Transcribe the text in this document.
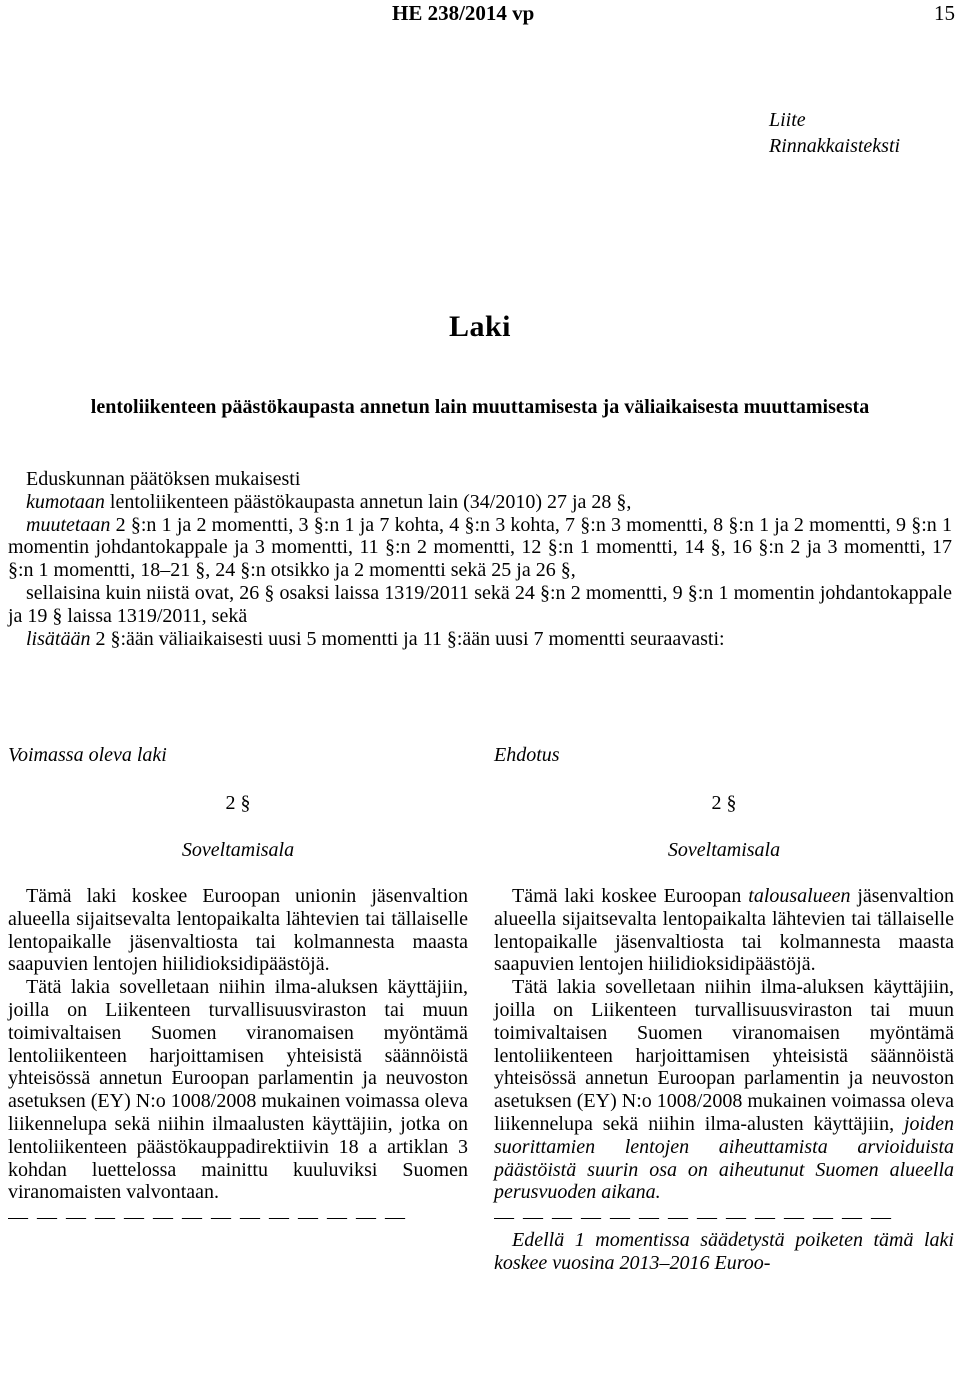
HE 238/2014 vp	15
Liite
Rinnakkaisteksti
Laki
lentoliikenteen päästökaupasta annetun lain muuttamisesta ja väliaikaisesta muuttamisesta

Eduskunnan päätöksen mukaisesti

kumotaan lentoliikenteen päästökaupasta annetun lain (34/2010) 27 ja 28 §,

muutetaan 2 §:n 1 ja 2 momentti, 3 §:n 1 ja 7 kohta, 4 §:n 3 kohta, 7 §:n 3 momentti, 8 §:n 1 ja 2 momentti, 9 §:n 1 momentin johdantokappale ja 3 momentti, 11 §:n 2 momentti, 12 §:n 1 momentti, 14 §, 16 §:n 2 ja 3 momentti, 17 §:n 1 momentti, 18–21 §, 24 §:n otsikko ja 2 momentti sekä 25 ja 26 §,

sellaisina kuin niistä ovat, 26 § osaksi laissa 1319/2011 sekä 24 §:n 2 momentti, 9 §:n 1 momentin johdantokappale ja 19 § laissa 1319/2011, sekä

lisätään 2 §:ään väliaikaisesti uusi 5 momentti ja 11 §:ään uusi 7 momentti seuraavasti:

Voimassa oleva laki
2 §
Soveltamisala

Tämä laki koskee Euroopan unionin jäsenvaltion alueella sijaitsevalta lentopaikalta lähtevien tai tällaiselle lentopaikalle jäsenvaltiosta tai kolmannesta maasta saapuvien lentojen hiilidioksidipäästöjä.

Tätä lakia sovelletaan niihin ilma-aluksen käyttäjiin, joilla on Liikenteen turvallisuusviraston tai muun toimivaltaisen Suomen viranomaisen myöntämä lentoliikenteen harjoittamisen yhteisistä säännöistä yhteisössä annetun Euroopan parlamentin ja neuvoston asetuksen (EY) N:o 1008/2008 mukainen voimassa oleva liikennelupa sekä niihin ilmaalusten käyttäjiin, jotka on lentoliikenteen päästökauppadirektiivin 18 a artiklan 3 kohdan luettelossa mainittu kuuluviksi Suomen viranomaisten valvontaan.

— — — — — — — — — — — — — —
Ehdotus
2 §
Soveltamisala

Tämä laki koskee Euroopan talousalueen jäsenvaltion alueella sijaitsevalta lentopaikalta lähtevien tai tällaiselle lentopaikalle jäsenvaltiosta tai kolmannesta maasta saapuvien lentojen hiilidioksidipäästöjä.

Tätä lakia sovelletaan niihin ilma-aluksen käyttäjiin, joilla on Liikenteen turvallisuusviraston tai muun toimivaltaisen Suomen viranomaisen myöntämä lentoliikenteen harjoittamisen yhteisistä säännöistä yhteisössä annetun Euroopan parlamentin ja neuvoston asetuksen (EY) N:o 1008/2008 mukainen voimassa oleva liikennelupa sekä niihin ilma-alusten käyttäjiin, joiden suorittamien lentojen aiheuttamista arvioiduista päästöistä suurin osa on aiheutunut Suomen alueella perusvuoden aikana.

— — — — — — — — — — — — — —

Edellä 1 momentissa säädetystä poiketen tämä laki koskee vuosina 2013–2016 Euroo-
